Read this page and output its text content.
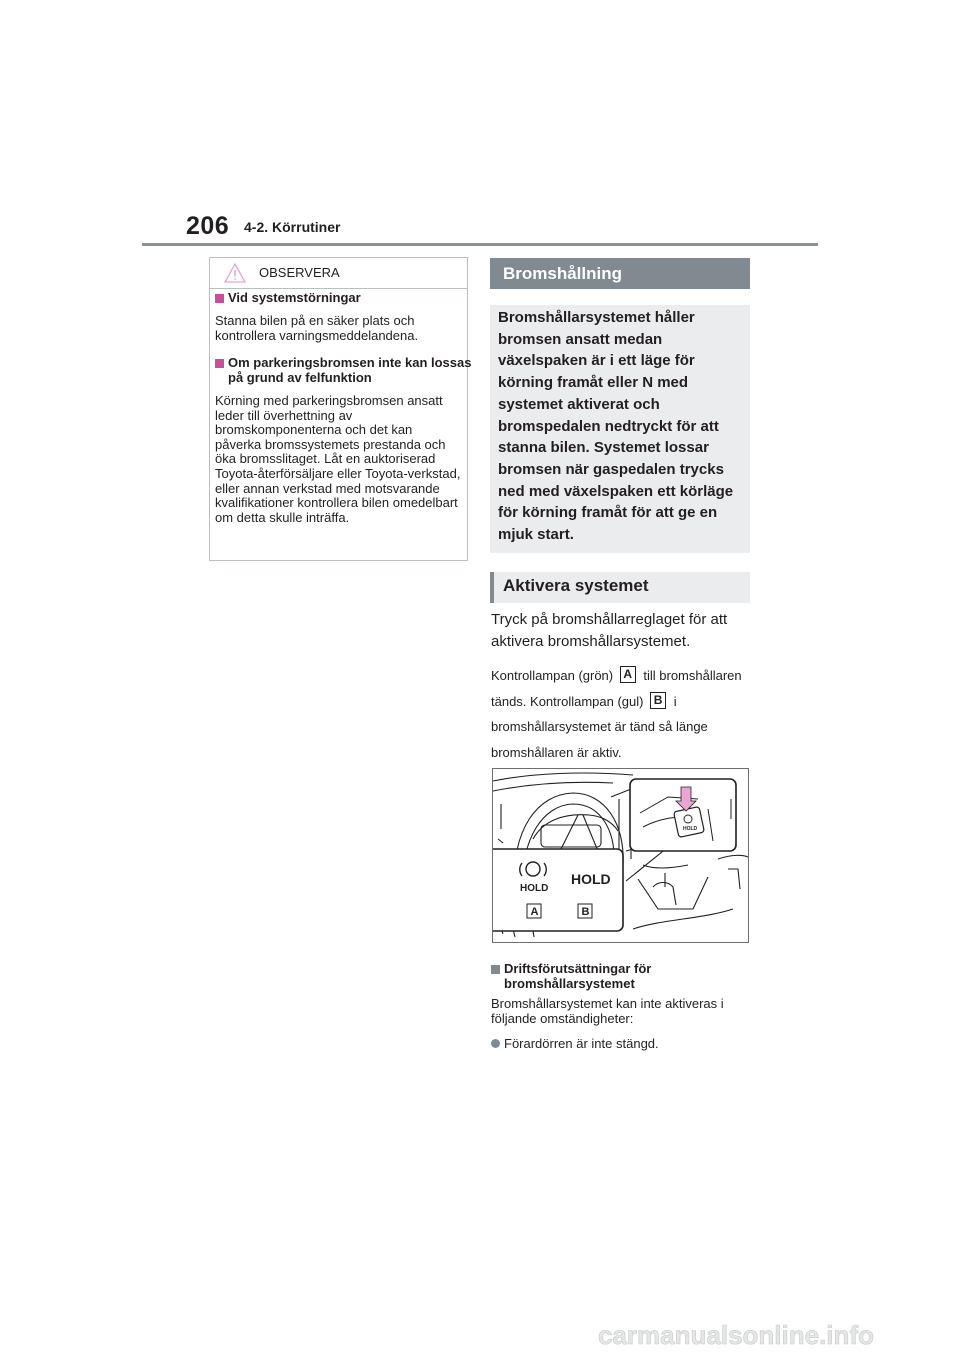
206 4-2. Körrutiner
OBSERVERA
Vid systemstörningar
Stanna bilen på en säker plats och kontrollera varningsmeddelandena.
Om parkeringsbromsen inte kan lossas på grund av felfunktion
Körning med parkeringsbromsen ansatt leder till överhettning av bromskomponenterna och det kan påverka bromssystemets prestanda och öka bromsslitaget. Låt en auktoriserad Toyota-återförsäljare eller Toyota-verkstad, eller annan verkstad med motsvarande kvalifikationer kontrollera bilen omedelbart om detta skulle inträffa.
Bromshållning
Bromshållarsystemet håller bromsen ansatt medan växelspaken är i ett läge för körning framåt eller N med systemet aktiverat och bromspedalen nedtryckt för att stanna bilen. Systemet lossar bromsen när gaspedalen trycks ned med växelspaken ett körläge för körning framåt för att ge en mjuk start.
Aktivera systemet
Tryck på bromshållarreglaget för att aktivera bromshållarsystemet.
Kontrollampan (grön) A till bromshållaren tänds. Kontrollampan (gul) B i bromshållarsystemet är tänd så länge bromshållaren är aktiv.
HOLD
HOLD
HOLD
A	B
Driftsförutsättningar för bromshållarsystemet
Bromshållarsystemet kan inte aktiveras i följande omständigheter:
Förardörren är inte stängd.
carmanualsonline.info
